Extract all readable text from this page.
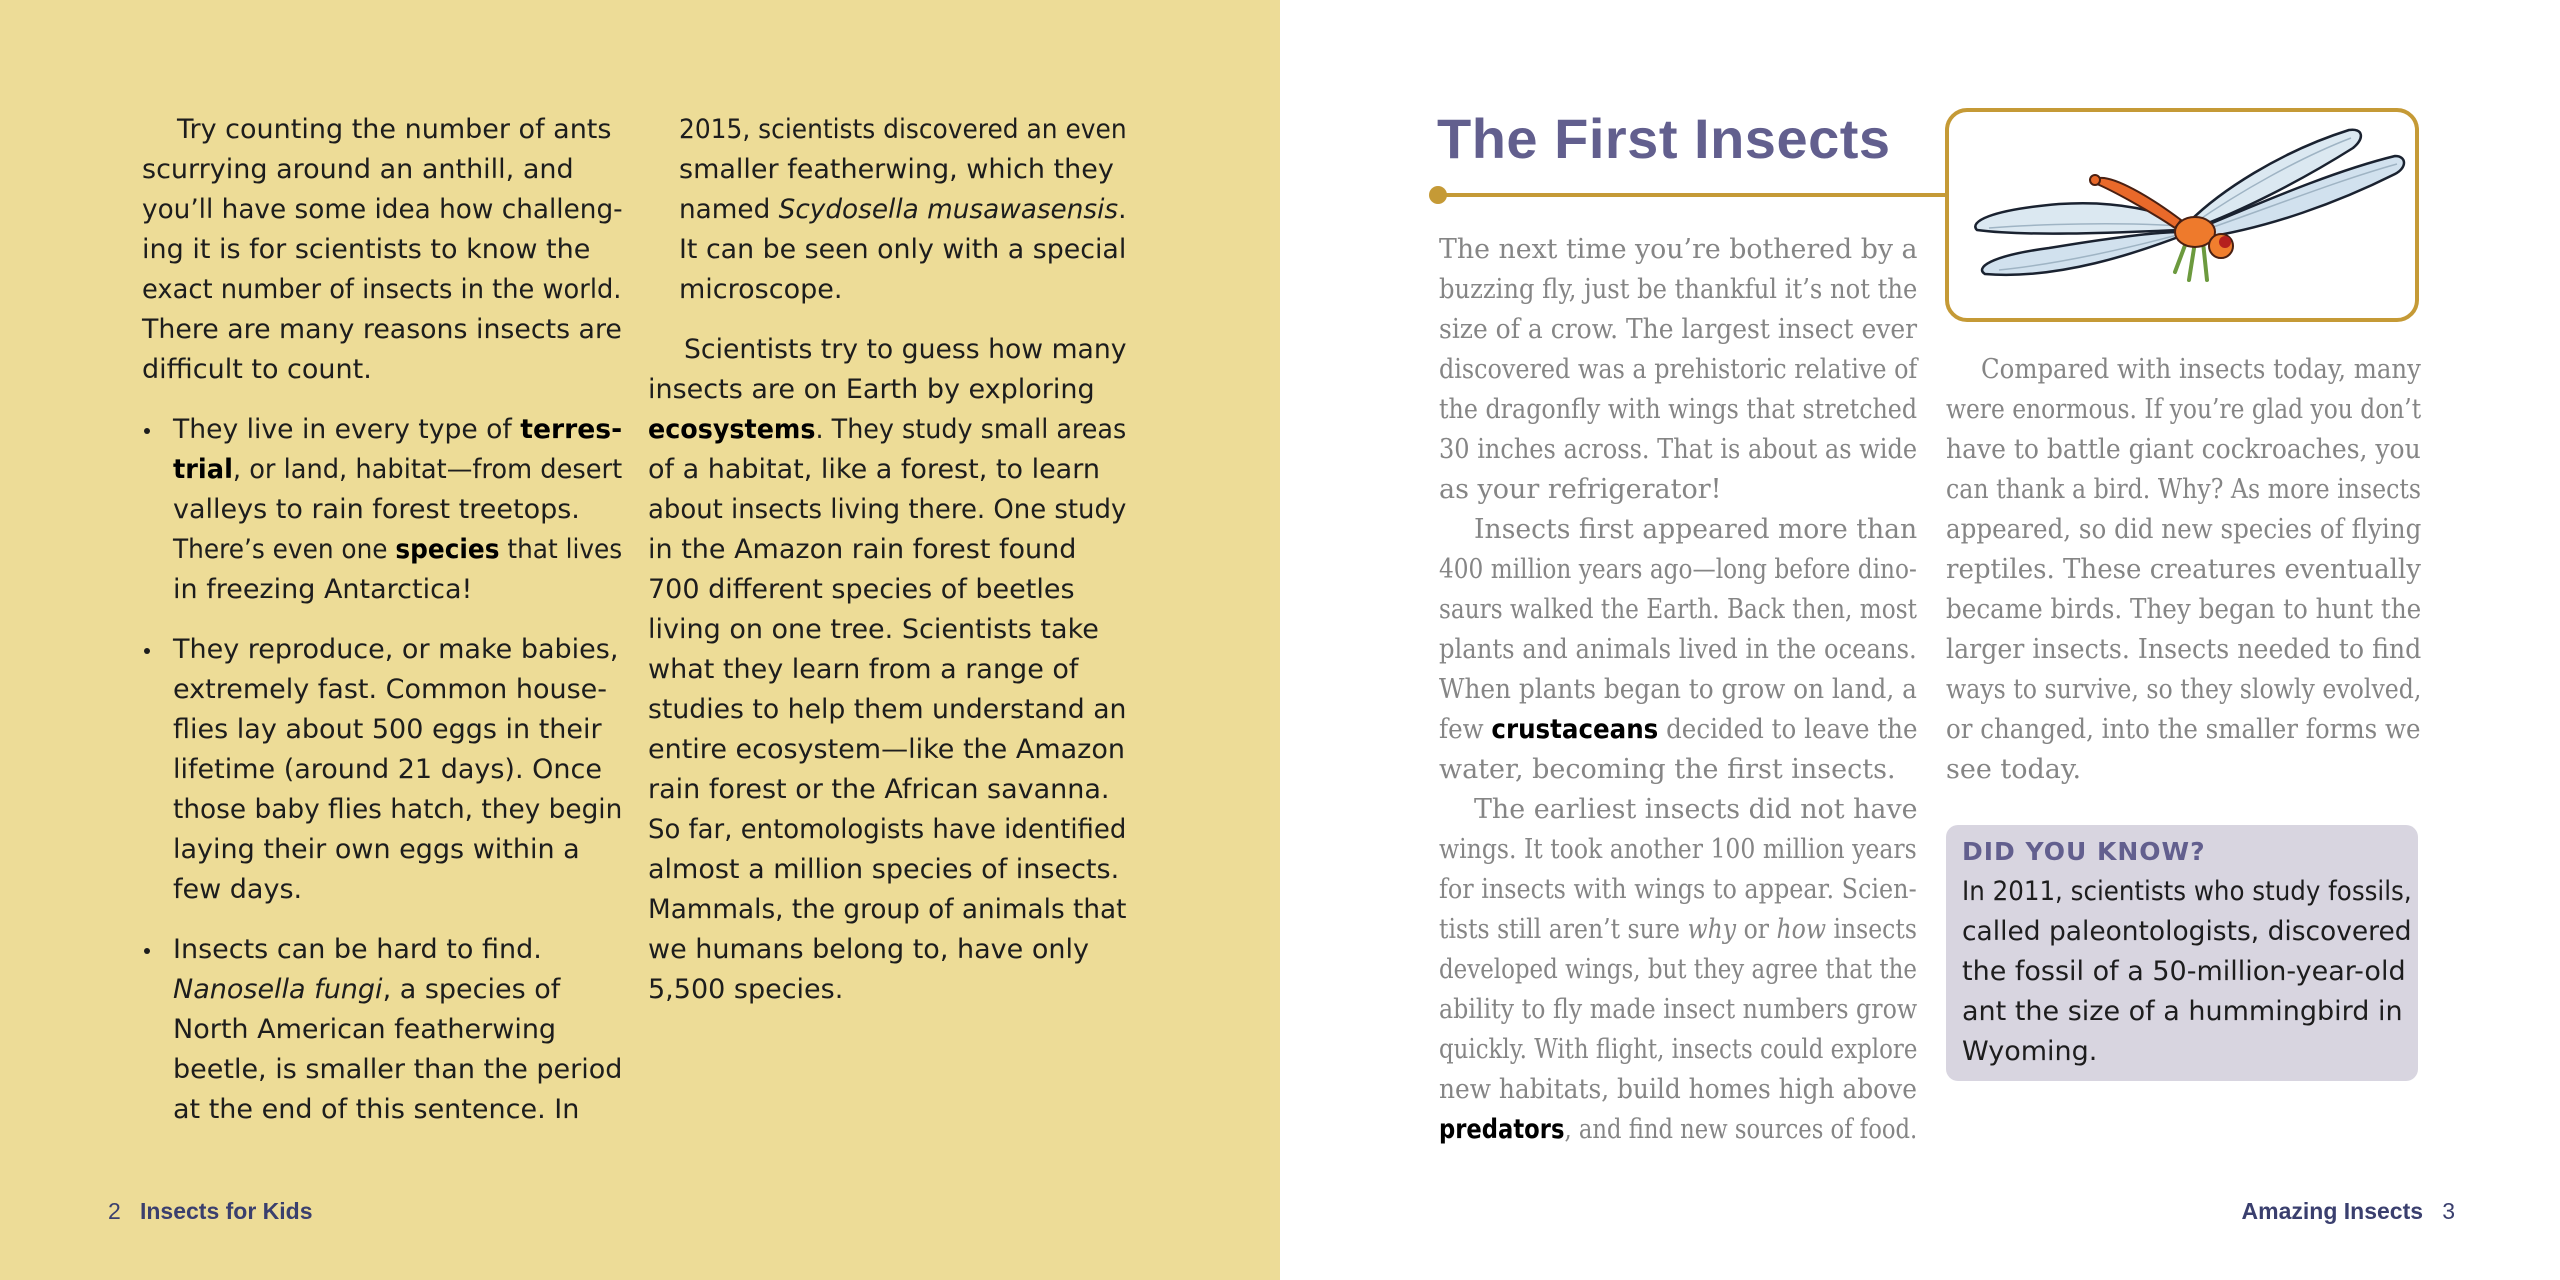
Try counting the number of ants

scurrying around an anthill, and

you’ll have some idea how challeng-

ing it is for scientists to know the

exact number of insects in the world.

There are many reasons insects are

difficult to count.

They live in every type of terres-

trial, or land, habitat—from desert

valleys to rain forest treetops.

There’s even one species that lives

in freezing Antarctica!

They reproduce, or make babies,

extremely fast. Common house-

flies lay about 500 eggs in their

lifetime (around 21 days). Once

those baby flies hatch, they begin

laying their own eggs within a

few days.

Insects can be hard to find.

Nanosella fungi, a species of

North American featherwing

beetle, is smaller than the period

at the end of this sentence. In

2015, scientists discovered an even

smaller featherwing, which they

named Scydosella musawasensis.

It can be seen only with a special

microscope.

Scientists try to guess how many

insects are on Earth by exploring

ecosystems. They study small areas

of a habitat, like a forest, to learn

about insects living there. One study

in the Amazon rain forest found

700 different species of beetles

living on one tree. Scientists take

what they learn from a range of

studies to help them understand an

entire ecosystem—like the Amazon

rain forest or the African savanna.

So far, entomologists have identified

almost a million species of insects.

Mammals, the group of animals that

we humans belong to, have only

5,500 species.

2 Insects for Kids
The First Insects

The next time you’re bothered by a

buzzing fly, just be thankful it’s not the

size of a crow. The largest insect ever

discovered was a prehistoric relative of

the dragonfly with wings that stretched

30 inches across. That is about as wide

as your refrigerator!

Insects first appeared more than

400 million years ago—long before dino-

saurs walked the Earth. Back then, most

plants and animals lived in the oceans.

When plants began to grow on land, a

few crustaceans decided to leave the

water, becoming the first insects.

The earliest insects did not have

wings. It took another 100 million years

for insects with wings to appear. Scien-

tists still aren’t sure why or how insects

developed wings, but they agree that the

ability to fly made insect numbers grow

quickly. With flight, insects could explore

new habitats, build homes high above

predators, and find new sources of food.

Compared with insects today, many

were enormous. If you’re glad you don’t

have to battle giant cockroaches, you

can thank a bird. Why? As more insects

appeared, so did new species of flying

reptiles. These creatures eventually

became birds. They began to hunt the

larger insects. Insects needed to find

ways to survive, so they slowly evolved,

or changed, into the smaller forms we

see today.

DID YOU KNOW?

In 2011, scientists who study fossils,

called paleontologists, discovered

the fossil of a 50-million-year-old

ant the size of a hummingbird in

Wyoming.

Amazing Insects 3
